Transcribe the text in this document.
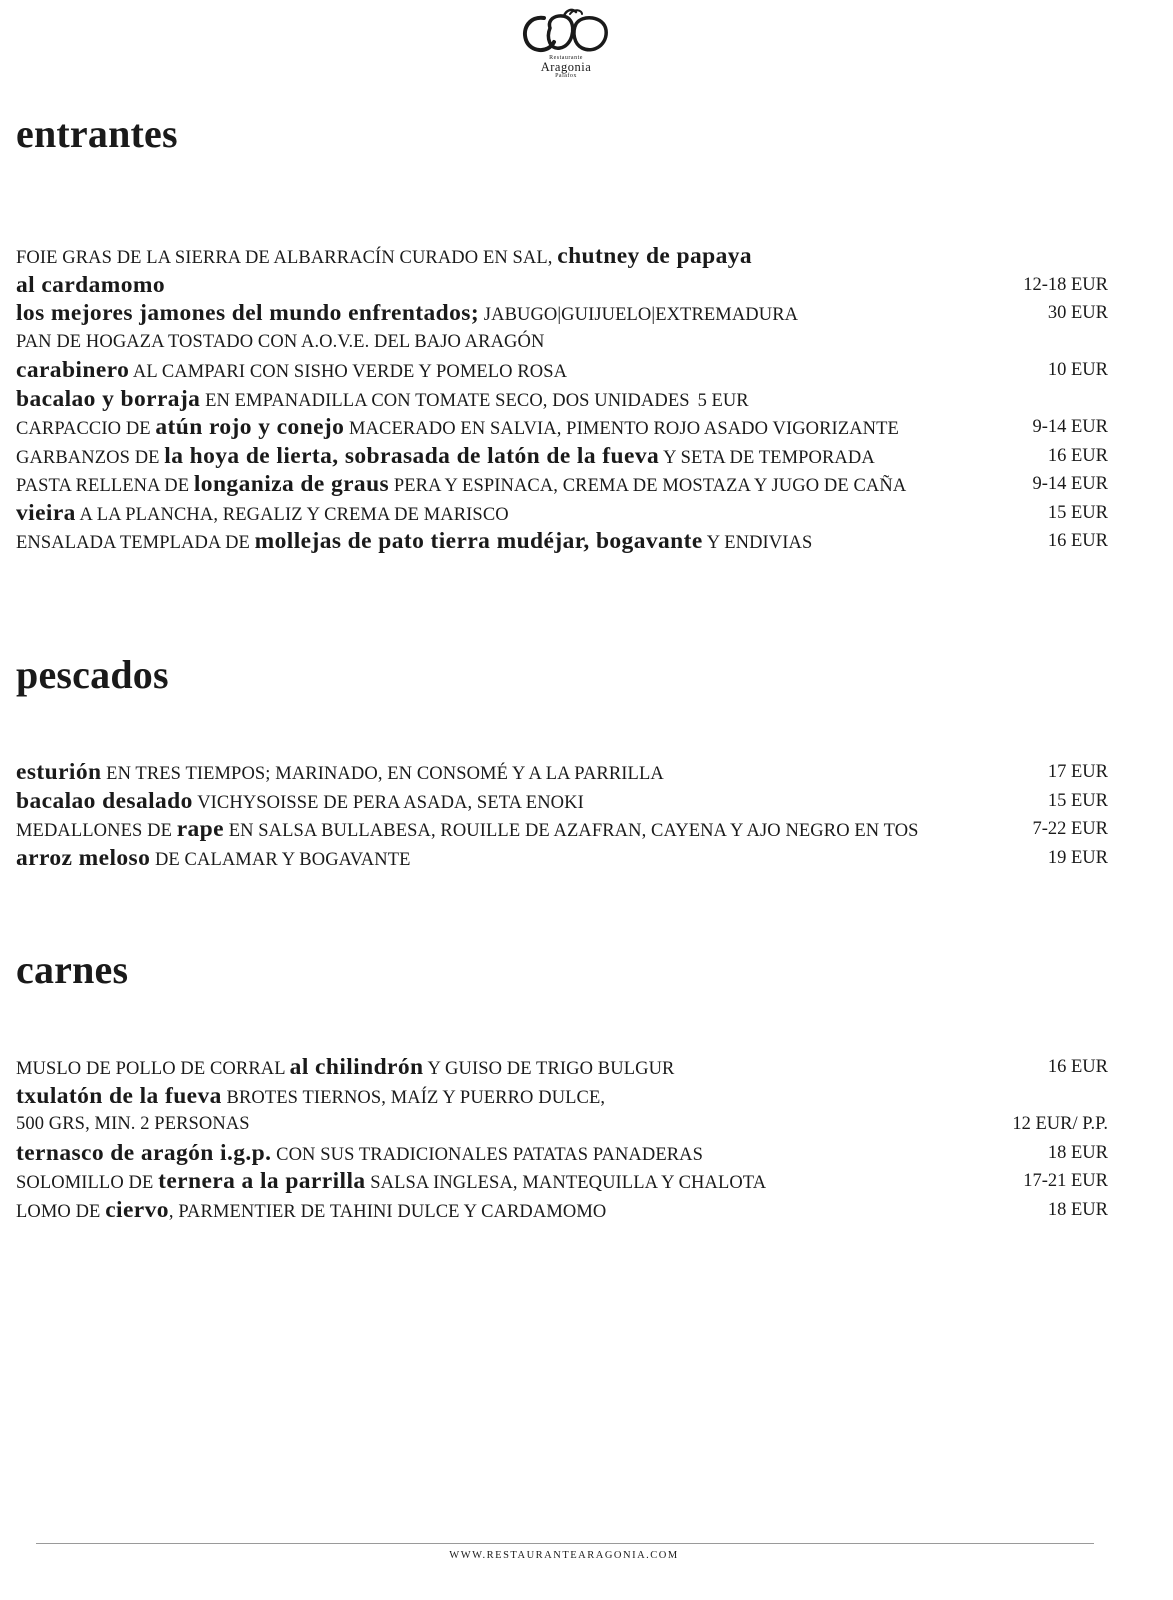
Restaurante
Aragonia
Palafox
entrantes
FOIE GRAS DE LA SIERRA DE ALBARRACÍN CURADO EN SAL, chutney de papaya
al cardamomo	12-18 EUR
los mejores jamones del mundo enfrentados; JABUGO|GUIJUELO|EXTREMADURA	30 EUR
PAN DE HOGAZA TOSTADO CON A.O.V.E. DEL BAJO ARAGÓN
carabinero AL CAMPARI CON SISHO VERDE Y POMELO ROSA	10 EUR
bacalao y borraja EN EMPANADILLA CON TOMATE SECO, DOS UNIDADES 5 EUR
CARPACCIO DE atún rojo y conejo MACERADO EN SALVIA, PIMENTO ROJO ASADO VIGORIZANTE	9-14 EUR
GARBANZOS DE la hoya de lierta, sobrasada de latón de la fueva Y SETA DE TEMPORADA	16 EUR
PASTA RELLENA DE longaniza de graus PERA Y ESPINACA, CREMA DE MOSTAZA Y JUGO DE CAÑA	9-14 EUR
vieira A LA PLANCHA, REGALIZ Y CREMA DE MARISCO	15 EUR
ENSALADA TEMPLADA DE mollejas de pato tierra mudéjar, bogavante Y ENDIVIAS	16 EUR
pescados
esturión EN TRES TIEMPOS; MARINADO, EN CONSOMÉ Y A LA PARRILLA	17 EUR
bacalao desalado VICHYSOISSE DE PERA ASADA, SETA ENOKI	15 EUR
MEDALLONES DE rape EN SALSA BULLABESA, ROUILLE DE AZAFRAN, CAYENA Y AJO NEGRO EN TOS	7-22 EUR
arroz meloso DE CALAMAR Y BOGAVANTE	19 EUR
carnes
MUSLO DE POLLO DE CORRAL al chilindrón Y GUISO DE TRIGO BULGUR	16 EUR
txulatón de la fueva BROTES TIERNOS, MAÍZ Y PUERRO DULCE,
500 GRS, MIN. 2 PERSONAS	12 EUR/ P.P.
ternasco de aragón i.g.p. CON SUS TRADICIONALES PATATAS PANADERAS	18 EUR
SOLOMILLO DE ternera a la parrilla SALSA INGLESA, MANTEQUILLA Y CHALOTA	17-21 EUR
LOMO DE ciervo, PARMENTIER DE TAHINI DULCE Y CARDAMOMO	18 EUR
WWW.RESTAURANTEARAGONIA.COM
